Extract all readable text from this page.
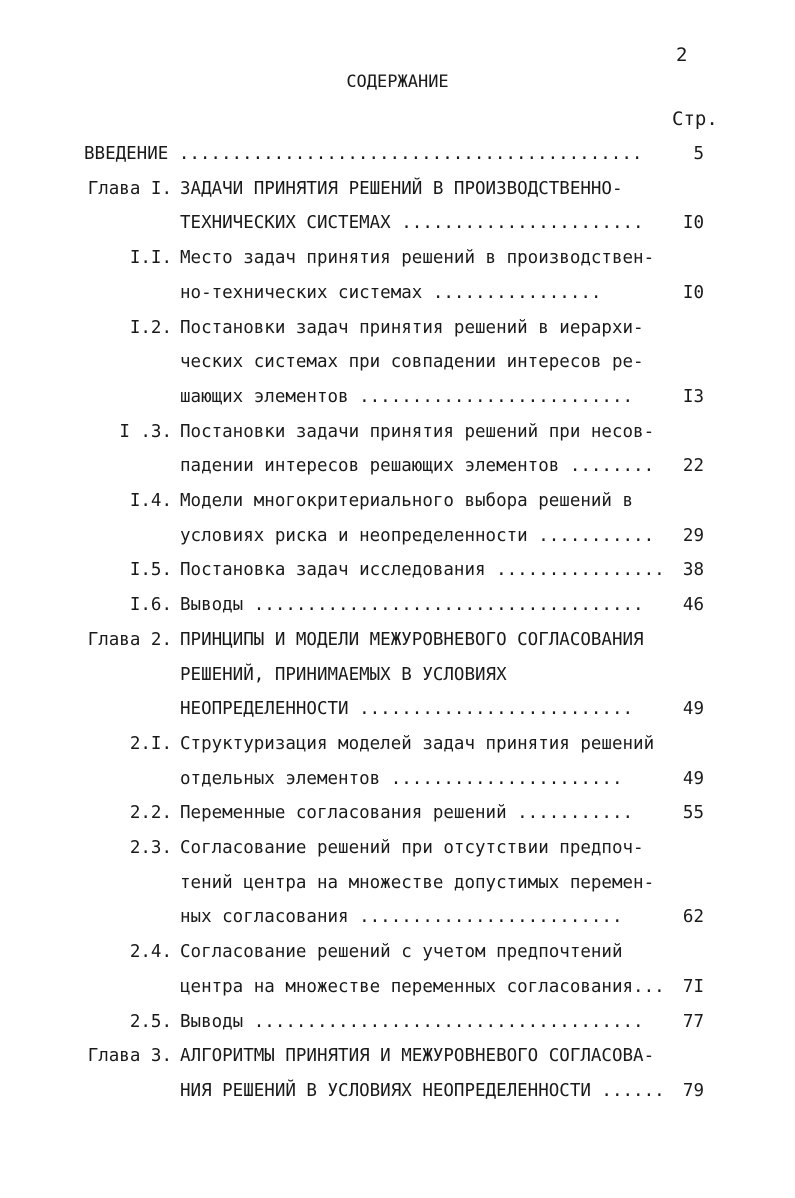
2
СОДЕРЖАНИЕ
Стр.
ВВЕДЕНИЕ ............................................	5
Глава I. ЗАДАЧИ ПРИНЯТИЯ РЕШЕНИЙ В ПРОИЗВОДСТВЕННО-
ТЕХНИЧЕСКИХ СИСТЕМАХ .......................	I0
I.I. Место задач принятия решений в производствен-
но-технических системах ................	I0
I.2. Постановки задач принятия решений в иерархи-
ческих системах при совпадении интересов ре-
шающих элементов ..........................	I3
I .3. Постановки задачи принятия решений при несов-
падении интересов решающих элементов ........	22
I.4. Модели многокритериального выбора решений в
условиях риска и неопределенности ...........	29
I.5. Постановка задач исследования ................	38
I.6. Выводы .....................................	46
Глава 2. ПРИНЦИПЫ И МОДЕЛИ МЕЖУРОВНЕВОГО СОГЛАСОВАНИЯ
РЕШЕНИЙ, ПРИНИМАЕМЫХ В УСЛОВИЯХ
НЕОПРЕДЕЛЕННОСТИ ..........................	49
2.I. Структуризация моделей задач принятия решений
отдельных элементов ......................	49
2.2. Переменные согласования решений ...........	55
2.3. Согласование решений при отсутствии предпоч-
тений центра на множестве допустимых перемен-
ных согласования .........................	62
2.4. Согласование решений с учетом предпочтений
центра на множестве переменных согласования...	7I
2.5. Выводы .....................................	77
Глава 3. АЛГОРИТМЫ ПРИНЯТИЯ И МЕЖУРОВНЕВОГО СОГЛАСОВА-
НИЯ РЕШЕНИЙ В УСЛОВИЯХ НЕОПРЕДЕЛЕННОСТИ ......	79
